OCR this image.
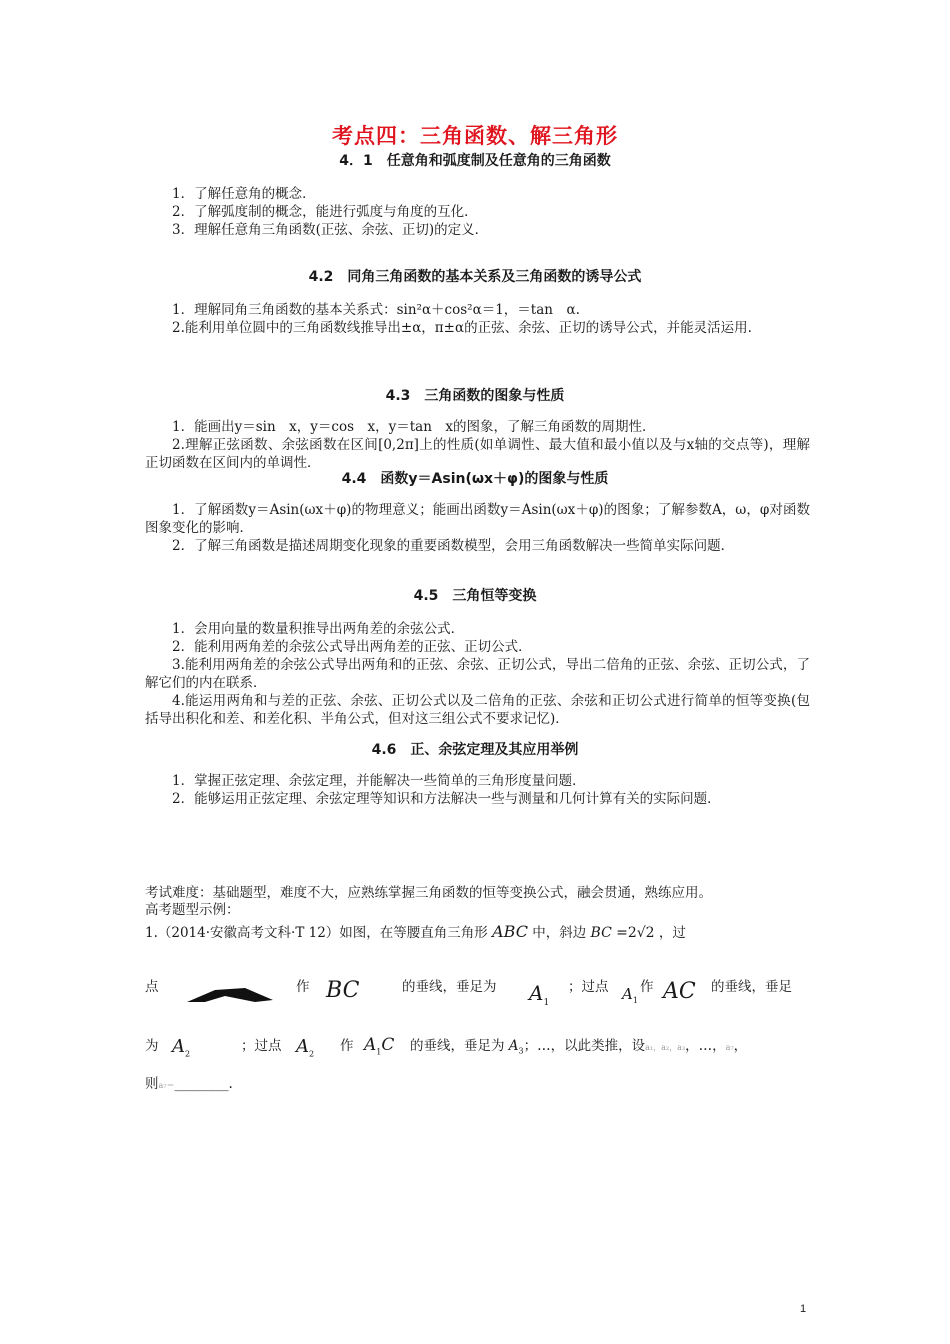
考点四：三角函数、解三角形
4．1　任意角和弧度制及任意角的三角函数
1．了解任意角的概念．
2．了解弧度制的概念，能进行弧度与角度的互化．
3．理解任意角三角函数(正弦、余弦、正切)的定义．
4.2　同角三角函数的基本关系及三角函数的诱导公式
1．理解同角三角函数的基本关系式：sin²α＋cos²α＝1，＝tan　α.
2.能利用单位圆中的三角函数线推导出±α，π±α的正弦、余弦、正切的诱导公式，并能灵活运用.
4.3　三角函数的图象与性质
1．能画出y＝sin　x，y＝cos　x，y＝tan　x的图象，了解三角函数的周期性．
2.理解正弦函数、余弦函数在区间[0,2π]上的性质(如单调性、最大值和最小值以及与x轴的交点等)，理解正切函数在区间内的单调性．
4.4　函数y＝Asin(ωx＋φ)的图象与性质
1．了解函数y＝Asin(ωx＋φ)的物理意义；能画出函数y＝Asin(ωx＋φ)的图象；了解参数A，ω，φ对函数图象变化的影响．
2．了解三角函数是描述周期变化现象的重要函数模型，会用三角函数解决一些简单实际问题．
4.5　三角恒等变换
1．会用向量的数量积推导出两角差的余弦公式．
2．能利用两角差的余弦公式导出两角差的正弦、正切公式．
3.能利用两角差的余弦公式导出两角和的正弦、余弦、正切公式，导出二倍角的正弦、余弦、正切公式，了解它们的内在联系．
4.能运用两角和与差的正弦、余弦、正切公式以及二倍角的正弦、余弦和正切公式进行简单的恒等变换(包括导出积化和差、和差化积、半角公式，但对这三组公式不要求记忆)．
4.6　正、余弦定理及其应用举例
1．掌握正弦定理、余弦定理，并能解决一些简单的三角形度量问题．
2．能够运用正弦定理、余弦定理等知识和方法解决一些与测量和几何计算有关的实际问题．
考试难度：基础题型，难度不大，应熟练掌握三角函数的恒等变换公式，融会贯通，熟练应用。
高考题型示例：
1.（2014·安徽高考文科·T 12）如图，在等腰直角三角形 ABC 中，斜边 BC =2√2 ，过
点	作 BC	的垂线，垂足为 $A_1$
；过点 $A_1$
作 AC 的垂线，垂足
为 $A_2$
；过点 $A_2$
作 $A_1C$ 的垂线，垂足为 $A_3$；…，以此类推，设a₁，a₂，a₃，…，a₇，
则a₇＝________.
1
